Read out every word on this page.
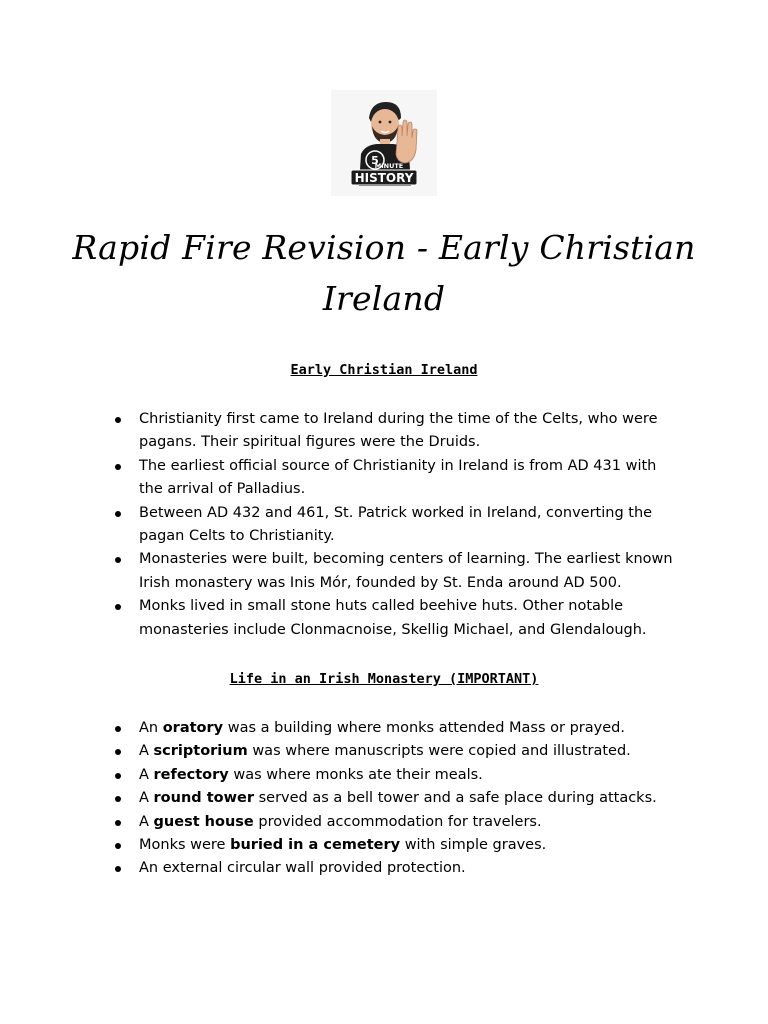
5
MINUTE
HISTORY
Rapid Fire Revision - Early Christian
Ireland
Early Christian Ireland
Christianity first came to Ireland during the time of the Celts, who were pagans. Their spiritual figures were the Druids.
The earliest official source of Christianity in Ireland is from AD 431 with the arrival of Palladius.
Between AD 432 and 461, St. Patrick worked in Ireland, converting the pagan Celts to Christianity.
Monasteries were built, becoming centers of learning. The earliest known Irish monastery was Inis Mór, founded by St. Enda around AD 500.
Monks lived in small stone huts called beehive huts. Other notable monasteries include Clonmacnoise, Skellig Michael, and Glendalough.
Life in an Irish Monastery (IMPORTANT)
An oratory was a building where monks attended Mass or prayed.
A scriptorium was where manuscripts were copied and illustrated.
A refectory was where monks ate their meals.
A round tower served as a bell tower and a safe place during attacks.
A guest house provided accommodation for travelers.
Monks were buried in a cemetery with simple graves.
An external circular wall provided protection.
